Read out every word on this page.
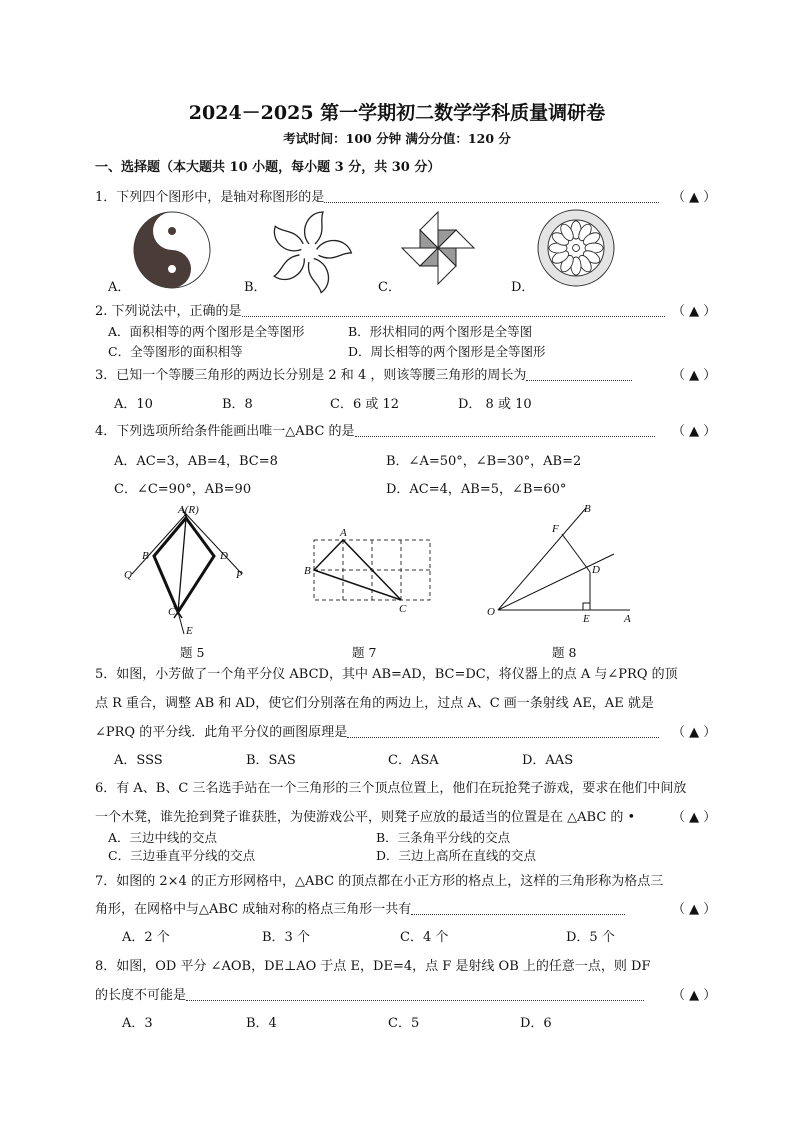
2024－2025 第一学期初二数学学科质量调研卷
考试时间：100 分钟 满分分值：120 分
一、选择题（本大题共 10 小题，每小题 3 分，共 30 分）
1．下列四个图形中，是轴对称图形的是	（ ▲ ）
A．	B．	C．	D．
2. 下列说法中，正确的是	（ ▲ ）
A．面积相等的两个图形是全等图形	B．形状相同的两个图形是全等图
C．全等图形的面积相等	D．周长相等的两个图形是全等图形
3．已知一个等腰三角形的两边长分别是 2 和 4 ，则该等腰三角形的周长为	（ ▲ ）
A．10	B．8	C．6 或 12	D． 8 或 10
4．下列选项所给条件能画出唯一△ABC 的是	（ ▲ ）
A．AC=3，AB=4，BC=8	B．∠A=50°，∠B=30°，AB=2
C．∠C=90°，AB=90	D．AC=4，AB=5，∠B=60°
A(R)
B	D
Q	P
C
E
题 5
A
B
C
题 7
F
B
D
O
E	A
题 8
5．如图，小芳做了一个角平分仪 ABCD，其中 AB=AD，BC=DC，将仪器上的点 A 与∠PRQ 的顶
点 R 重合，调整 AB 和 AD，使它们分别落在角的两边上，过点 A、C 画一条射线 AE，AE 就是
∠PRQ 的平分线．此角平分仪的画图原理是	（ ▲ ）
A．SSS	B．SAS	C．ASA	D．AAS
6．有 A、B、C 三名选手站在一个三角形的三个顶点位置上，他们在玩抢凳子游戏，要求在他们中间放
一个木凳，谁先抢到凳子谁获胜，为使游戏公平，则凳子应放的最适当的位置是在 △ABC 的 •	（ ▲ ）
A．三边中线的交点	B．三条角平分线的交点
C．三边垂直平分线的交点	D．三边上高所在直线的交点
7．如图的 2×4 的正方形网格中，△ABC 的顶点都在小正方形的格点上，这样的三角形称为格点三
角形，在网格中与△ABC 成轴对称的格点三角形一共有	（ ▲ ）
A．2 个	B．3 个	C．4 个	D．5 个
8．如图，OD 平分 ∠AOB，DE⊥AO 于点 E，DE=4，点 F 是射线 OB 上的任意一点，则 DF
的长度不可能是	（ ▲ ）
A．3	B．4	C．5	D．6
